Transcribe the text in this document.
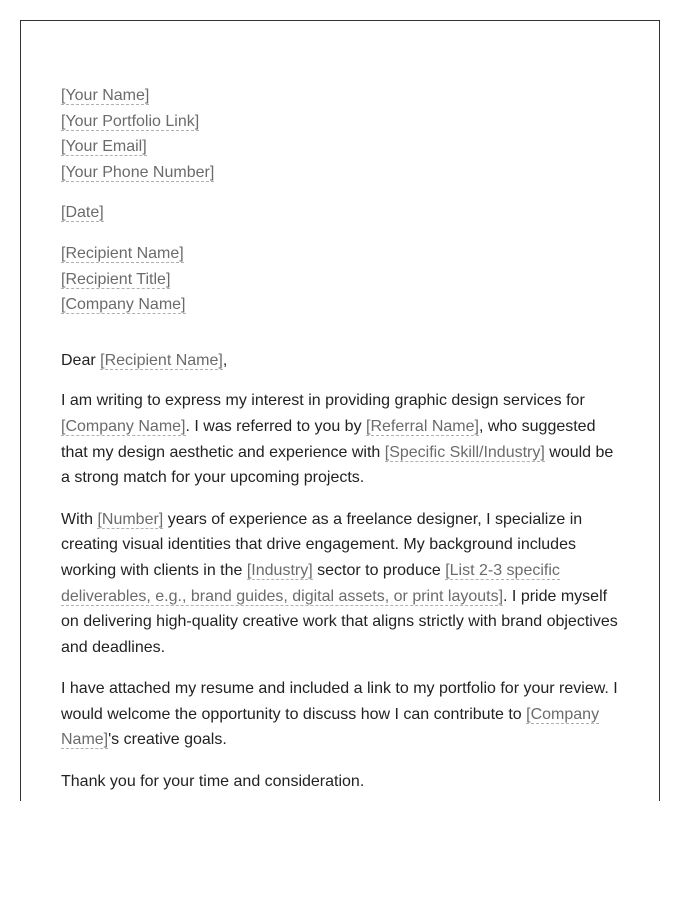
[Your Name]
[Your Portfolio Link]
[Your Email]
[Your Phone Number]
[Date]
[Recipient Name]
[Recipient Title]
[Company Name]
Dear [Recipient Name],
I am writing to express my interest in providing graphic design services for
[Company Name]. I was referred to you by [Referral Name], who suggested
that my design aesthetic and experience with [Specific Skill/Industry] would be
a strong match for your upcoming projects.
With [Number] years of experience as a freelance designer, I specialize in
creating visual identities that drive engagement. My background includes
working with clients in the [Industry] sector to produce [List 2-3 specific
deliverables, e.g., brand guides, digital assets, or print layouts]. I pride myself
on delivering high-quality creative work that aligns strictly with brand objectives
and deadlines.
I have attached my resume and included a link to my portfolio for your review. I
would welcome the opportunity to discuss how I can contribute to [Company
Name]'s creative goals.
Thank you for your time and consideration.
